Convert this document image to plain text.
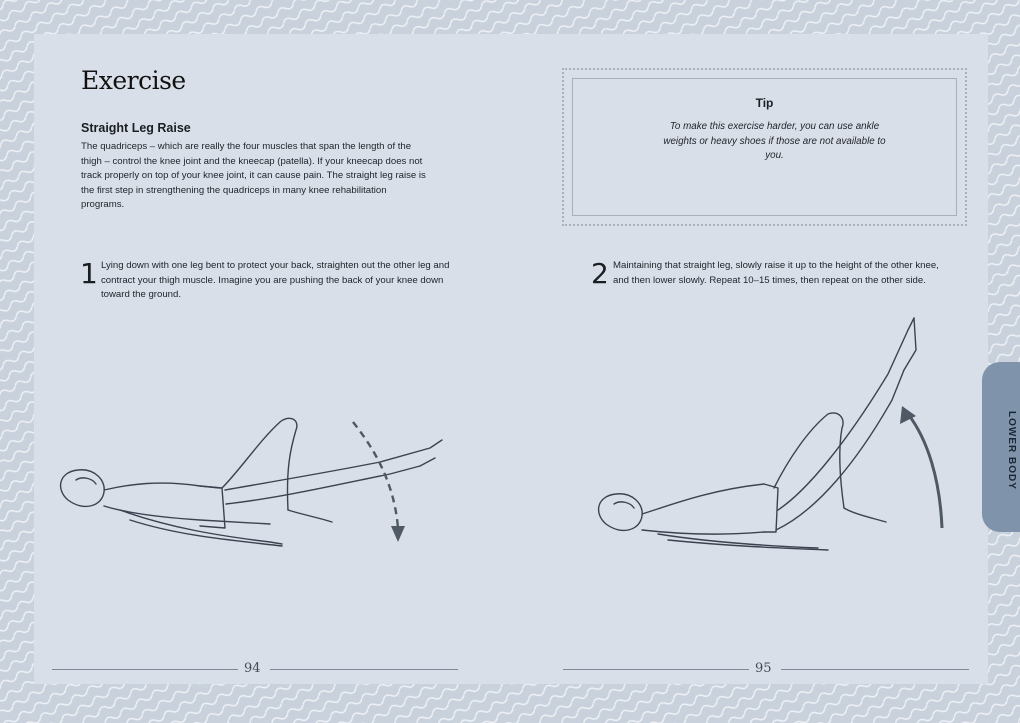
Exercise
Straight Leg Raise
The quadriceps – which are really the four muscles that span the length of the thigh – control the knee joint and the kneecap (patella). If your kneecap does not track properly on top of your knee joint, it can cause pain. The straight leg raise is the first step in strengthening the quadriceps in many knee rehabilitation programs.
1 Lying down with one leg bent to protect your back, straighten out the other leg and contract your thigh muscle. Imagine you are pushing the back of your knee down toward the ground.
94
Tip
To make this exercise harder, you can use ankle weights or heavy shoes if those are not available to you.
2 Maintaining that straight leg, slowly raise it up to the height of the other knee, and then lower slowly. Repeat 10–15 times, then repeat on the other side.
95
LOWER BODY
